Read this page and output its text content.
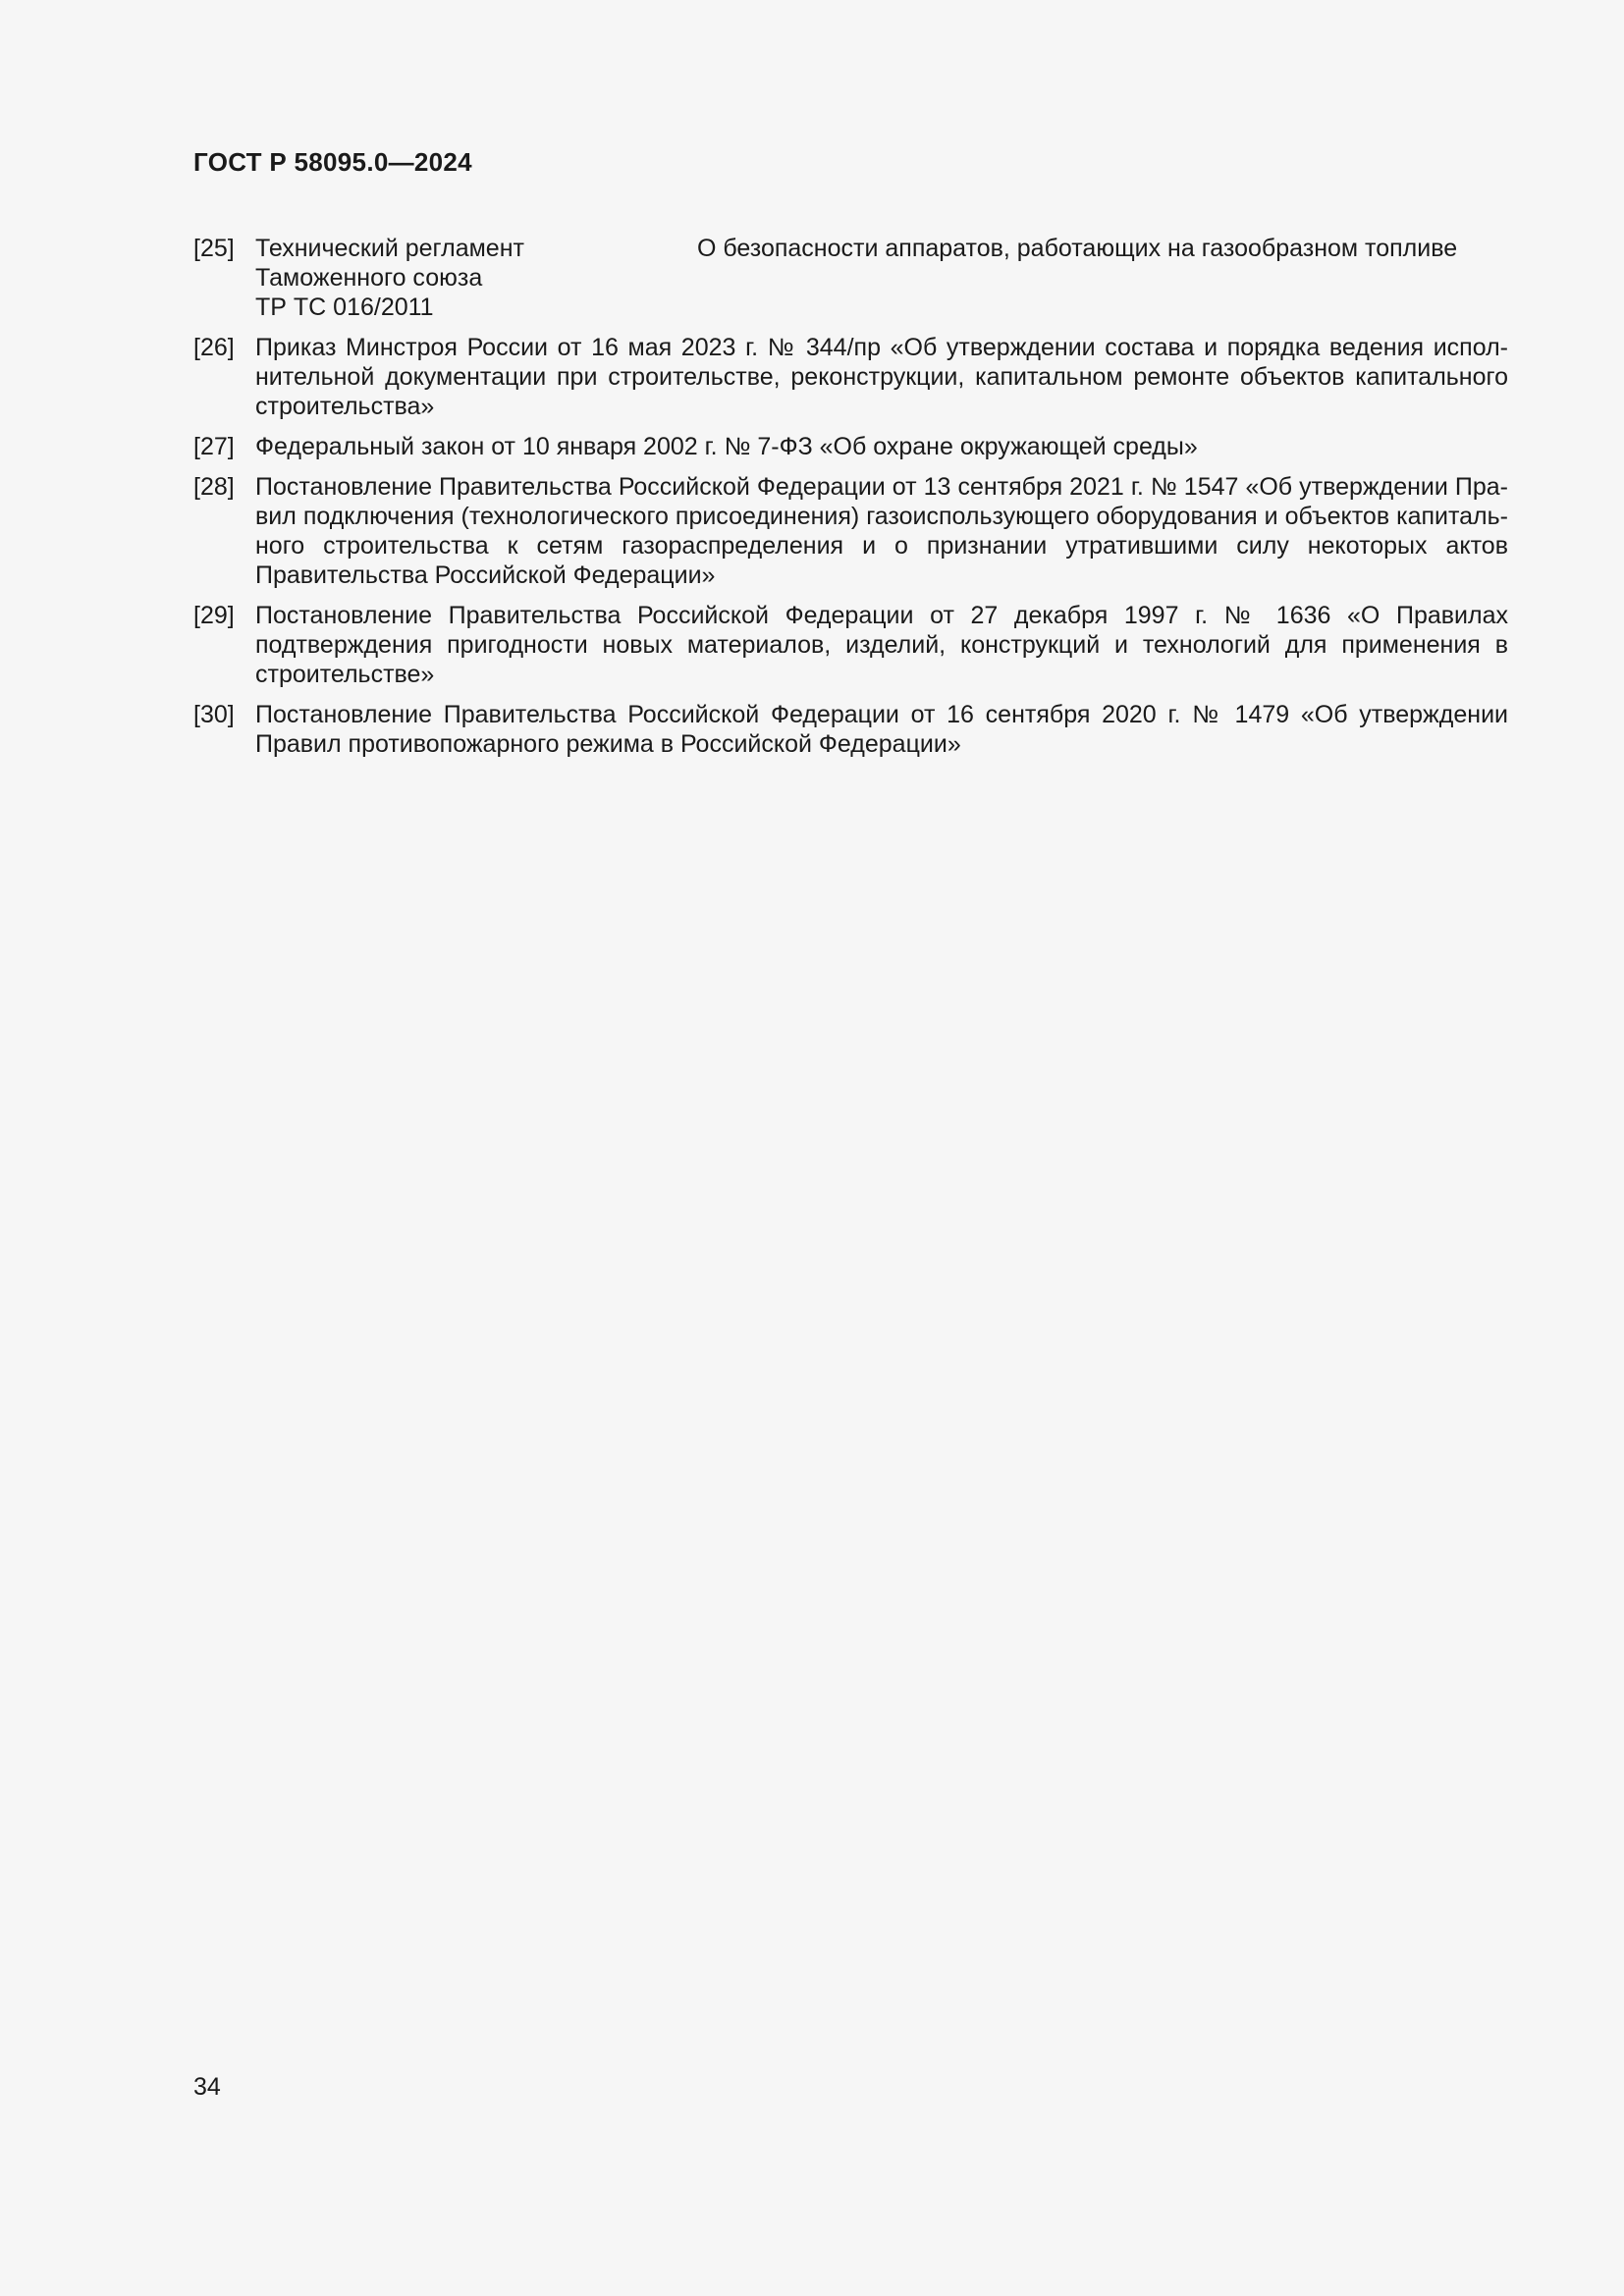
ГОСТ Р 58095.0—2024
[25] Технический регламент
Таможенного союза
ТР ТС 016/2011
О безопасности аппаратов, работающих на газообразном топливе
[26] Приказ Минстроя России от 16 мая 2023 г. № 344/пр «Об утверждении состава и порядка ведения исполнительной документации при строительстве, реконструкции, капитальном ремонте объектов капитального строительства»
[27] Федеральный закон от 10 января 2002 г. № 7-ФЗ «Об охране окружающей среды»
[28] Постановление Правительства Российской Федерации от 13 сентября 2021 г. № 1547 «Об утверждении Правил подключения (технологического присоединения) газоиспользующего оборудования и объектов капитального строительства к сетям газораспределения и о признании утратившими силу некоторых актов Правительства Российской Федерации»
[29] Постановление Правительства Российской Федерации от 27 декабря 1997 г. № 1636 «О Правилах подтверждения пригодности новых материалов, изделий, конструкций и технологий для применения в строительстве»
[30] Постановление Правительства Российской Федерации от 16 сентября 2020 г. № 1479 «Об утверждении Правил противопожарного режима в Российской Федерации»
34
